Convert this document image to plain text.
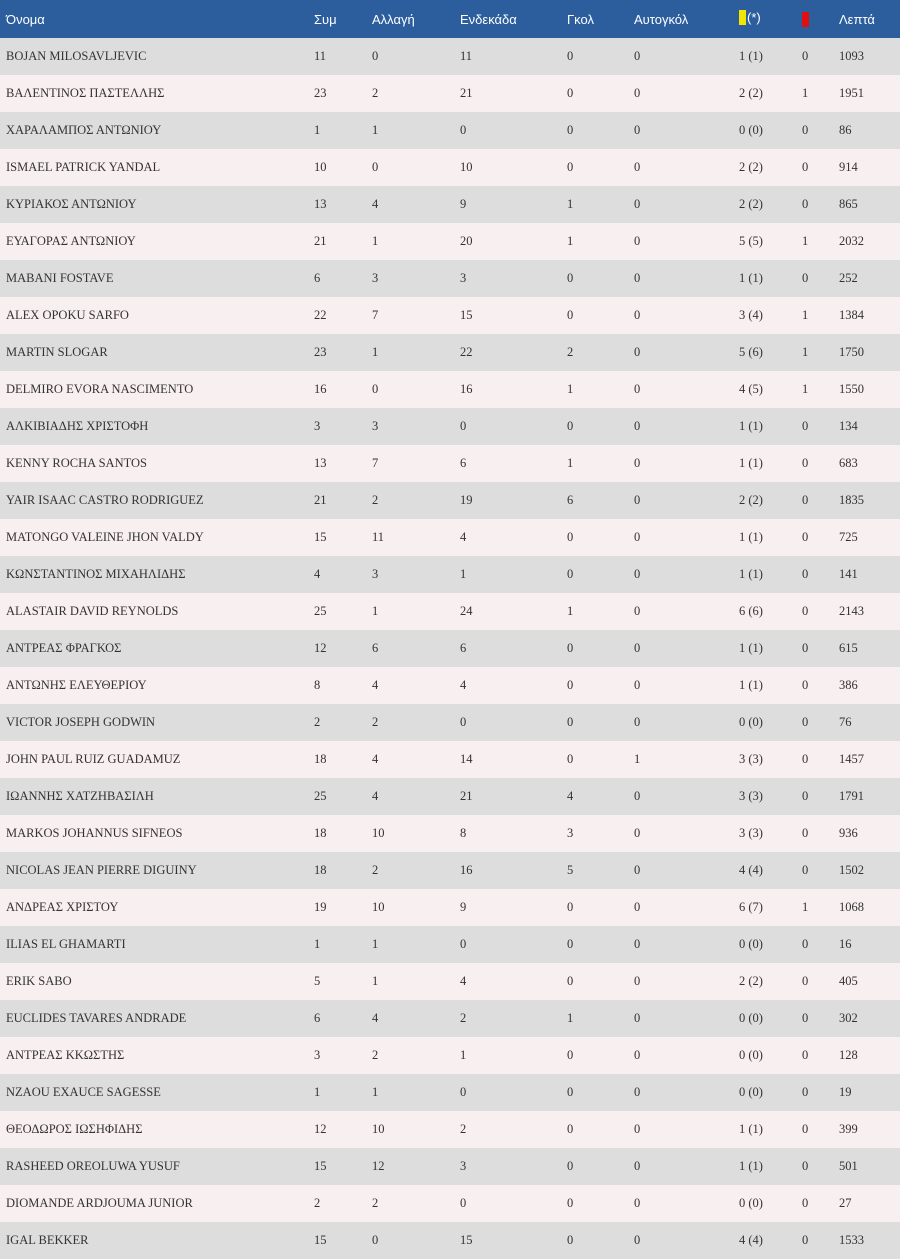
Όνομα	Συμ	Αλλαγή	Ενδεκάδα	Γκολ	Αυτογκόλ	(*)		Λεπτά
BOJAN MILOSAVLJEVIC	11	0	11	0	0	1 (1)	0	1093
ΒΑΛΕΝΤΙΝΟΣ ΠΑΣΤΕΛΛΗΣ	23	2	21	0	0	2 (2)	1	1951
ΧΑΡΑΛΑΜΠΟΣ ΑΝΤΩΝΙΟΥ	1	1	0	0	0	0 (0)	0	86
ISMAEL PATRICK YANDAL	10	0	10	0	0	2 (2)	0	914
ΚΥΡΙΑΚΟΣ ΑΝΤΩΝΙΟΥ	13	4	9	1	0	2 (2)	0	865
ΕΥΑΓΟΡΑΣ ΑΝΤΩΝΙΟΥ	21	1	20	1	0	5 (5)	1	2032
MABANI FOSTAVE	6	3	3	0	0	1 (1)	0	252
ALEX OPOKU SARFO	22	7	15	0	0	3 (4)	1	1384
MARTIN SLOGAR	23	1	22	2	0	5 (6)	1	1750
DELMIRO EVORA NASCIMENTO	16	0	16	1	0	4 (5)	1	1550
ΑΛΚΙΒΙΑΔΗΣ ΧΡΙΣΤΟΦΗ	3	3	0	0	0	1 (1)	0	134
KENNY ROCHA SANTOS	13	7	6	1	0	1 (1)	0	683
YAIR ISAAC CASTRO RODRIGUEZ	21	2	19	6	0	2 (2)	0	1835
MATONGO VALEINE JHON VALDY	15	11	4	0	0	1 (1)	0	725
ΚΩΝΣΤΑΝΤΙΝΟΣ ΜΙΧΑΗΛΙΔΗΣ	4	3	1	0	0	1 (1)	0	141
ALASTAIR DAVID REYNOLDS	25	1	24	1	0	6 (6)	0	2143
ΑΝΤΡΕΑΣ ΦΡΑΓΚΟΣ	12	6	6	0	0	1 (1)	0	615
ΑΝΤΩΝΗΣ ΕΛΕΥΘΕΡΙΟΥ	8	4	4	0	0	1 (1)	0	386
VICTOR JOSEPH GODWIN	2	2	0	0	0	0 (0)	0	76
JOHN PAUL RUIZ GUADAMUZ	18	4	14	0	1	3 (3)	0	1457
ΙΩΑΝΝΗΣ ΧΑΤΖΗΒΑΣΙΛΗ	25	4	21	4	0	3 (3)	0	1791
MARKOS JOHANNUS SIFNEOS	18	10	8	3	0	3 (3)	0	936
NICOLAS JEAN PIERRE DIGUINY	18	2	16	5	0	4 (4)	0	1502
ΑΝΔΡΕΑΣ ΧΡΙΣΤΟΥ	19	10	9	0	0	6 (7)	1	1068
ILIAS EL GHAMARTI	1	1	0	0	0	0 (0)	0	16
ERIK SABO	5	1	4	0	0	2 (2)	0	405
EUCLIDES TAVARES ANDRADE	6	4	2	1	0	0 (0)	0	302
ΑΝΤΡΕΑΣ ΚΚΩΣΤΗΣ	3	2	1	0	0	0 (0)	0	128
NZAOU EXAUCE SAGESSE	1	1	0	0	0	0 (0)	0	19
ΘΕΟΔΩΡΟΣ ΙΩΣΗΦΙΔΗΣ	12	10	2	0	0	1 (1)	0	399
RASHEED OREOLUWA YUSUF	15	12	3	0	0	1 (1)	0	501
DIOMANDE ARDJOUMA JUNIOR	2	2	0	0	0	0 (0)	0	27
IGAL BEKKER	15	0	15	0	0	4 (4)	0	1533
